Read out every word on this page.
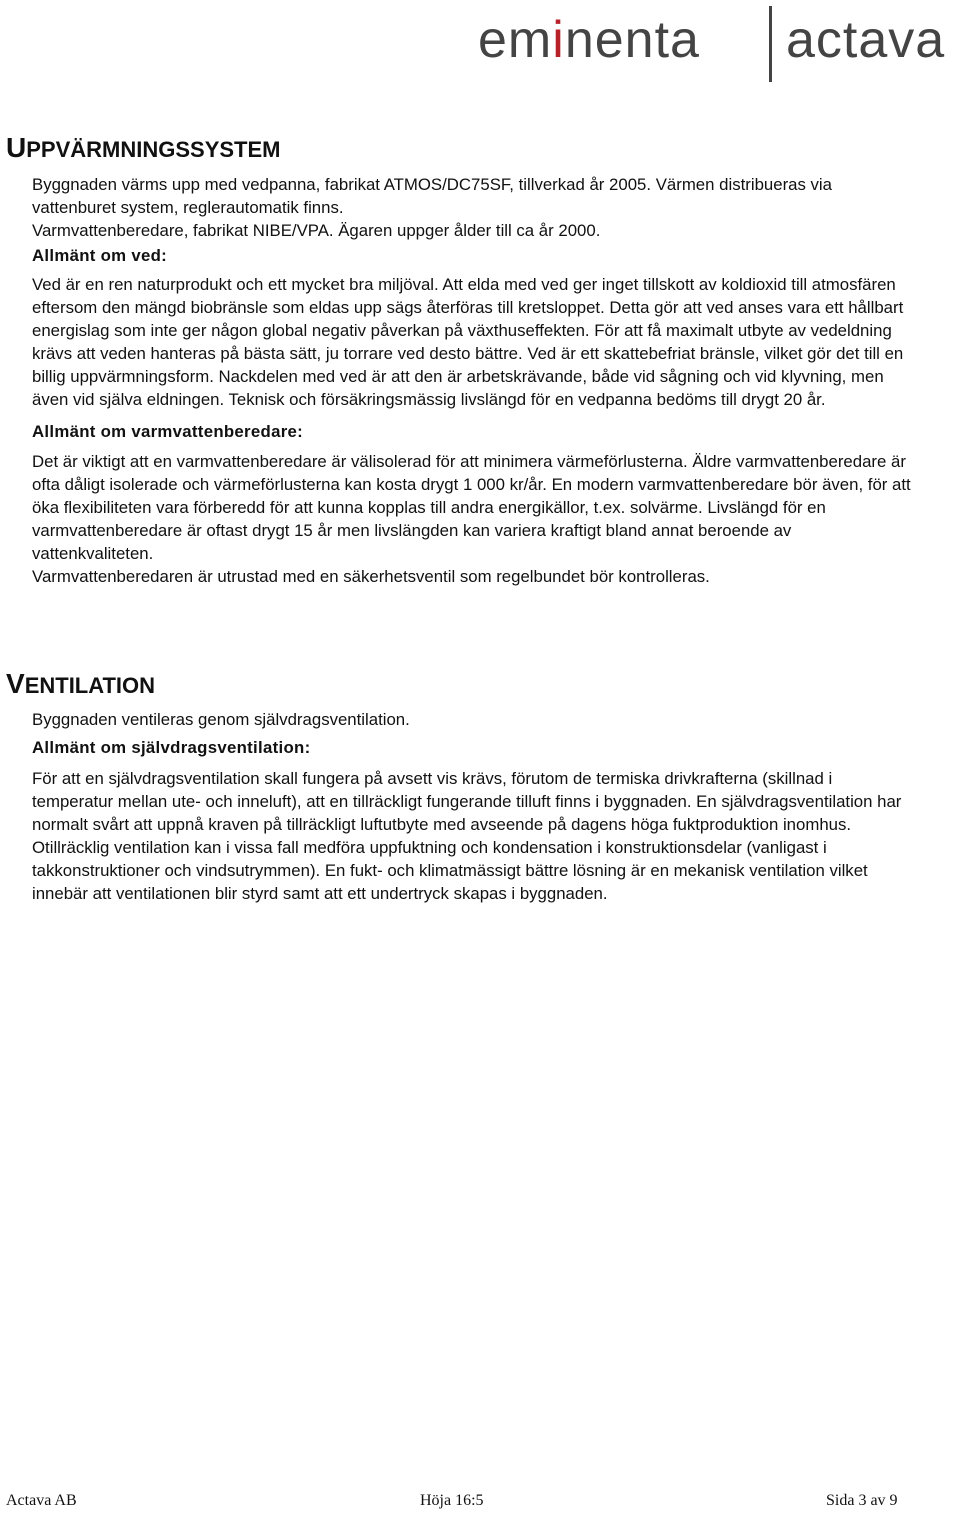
eminenta actava
UPPVÄRMNINGSSYSTEM

Byggnaden värms upp med vedpanna, fabrikat ATMOS/DC75SF, tillverkad år 2005. Värmen distribueras via vattenburet system, reglerautomatik finns.

Varmvattenberedare, fabrikat NIBE/VPA. Ägaren uppger ålder till ca år 2000.

Allmänt om ved:

Ved är en ren naturprodukt och ett mycket bra miljöval. Att elda med ved ger inget tillskott av koldioxid till atmosfären eftersom den mängd biobränsle som eldas upp sägs återföras till kretsloppet. Detta gör att ved anses vara ett hållbart energislag som inte ger någon global negativ påverkan på växthuseffekten. För att få maximalt utbyte av vedeldning krävs att veden hanteras på bästa sätt, ju torrare ved desto bättre. Ved är ett skattebefriat bränsle, vilket gör det till en billig uppvärmningsform. Nackdelen med ved är att den är arbetskrävande, både vid sågning och vid klyvning, men även vid själva eldningen. Teknisk och försäkringsmässig livslängd för en vedpanna bedöms till drygt 20 år.

Allmänt om varmvattenberedare:

Det är viktigt att en varmvattenberedare är välisolerad för att minimera värmeförlusterna. Äldre varmvattenberedare är ofta dåligt isolerade och värmeförlusterna kan kosta drygt 1 000 kr/år. En modern varmvattenberedare bör även, för att öka flexibiliteten vara förberedd för att kunna kopplas till andra energikällor, t.ex. solvärme. Livslängd för en varmvattenberedare är oftast drygt 15 år men livslängden kan variera kraftigt bland annat beroende av vattenkvaliteten.

Varmvattenberedaren är utrustad med en säkerhetsventil som regelbundet bör kontrolleras.

VENTILATION

Byggnaden ventileras genom självdragsventilation.

Allmänt om självdragsventilation:

För att en självdragsventilation skall fungera på avsett vis krävs, förutom de termiska drivkrafterna (skillnad i temperatur mellan ute- och inneluft), att en tillräckligt fungerande tilluft finns i byggnaden. En självdragsventilation har normalt svårt att uppnå kraven på tillräckligt luftutbyte med avseende på dagens höga fuktproduktion inomhus. Otillräcklig ventilation kan i vissa fall medföra uppfuktning och kondensation i konstruktionsdelar (vanligast i takkonstruktioner och vindsutrymmen). En fukt- och klimatmässigt bättre lösning är en mekanisk ventilation vilket innebär att ventilationen blir styrd samt att ett undertryck skapas i byggnaden.

Actava AB	Höja 16:5	Sida 3 av 9
